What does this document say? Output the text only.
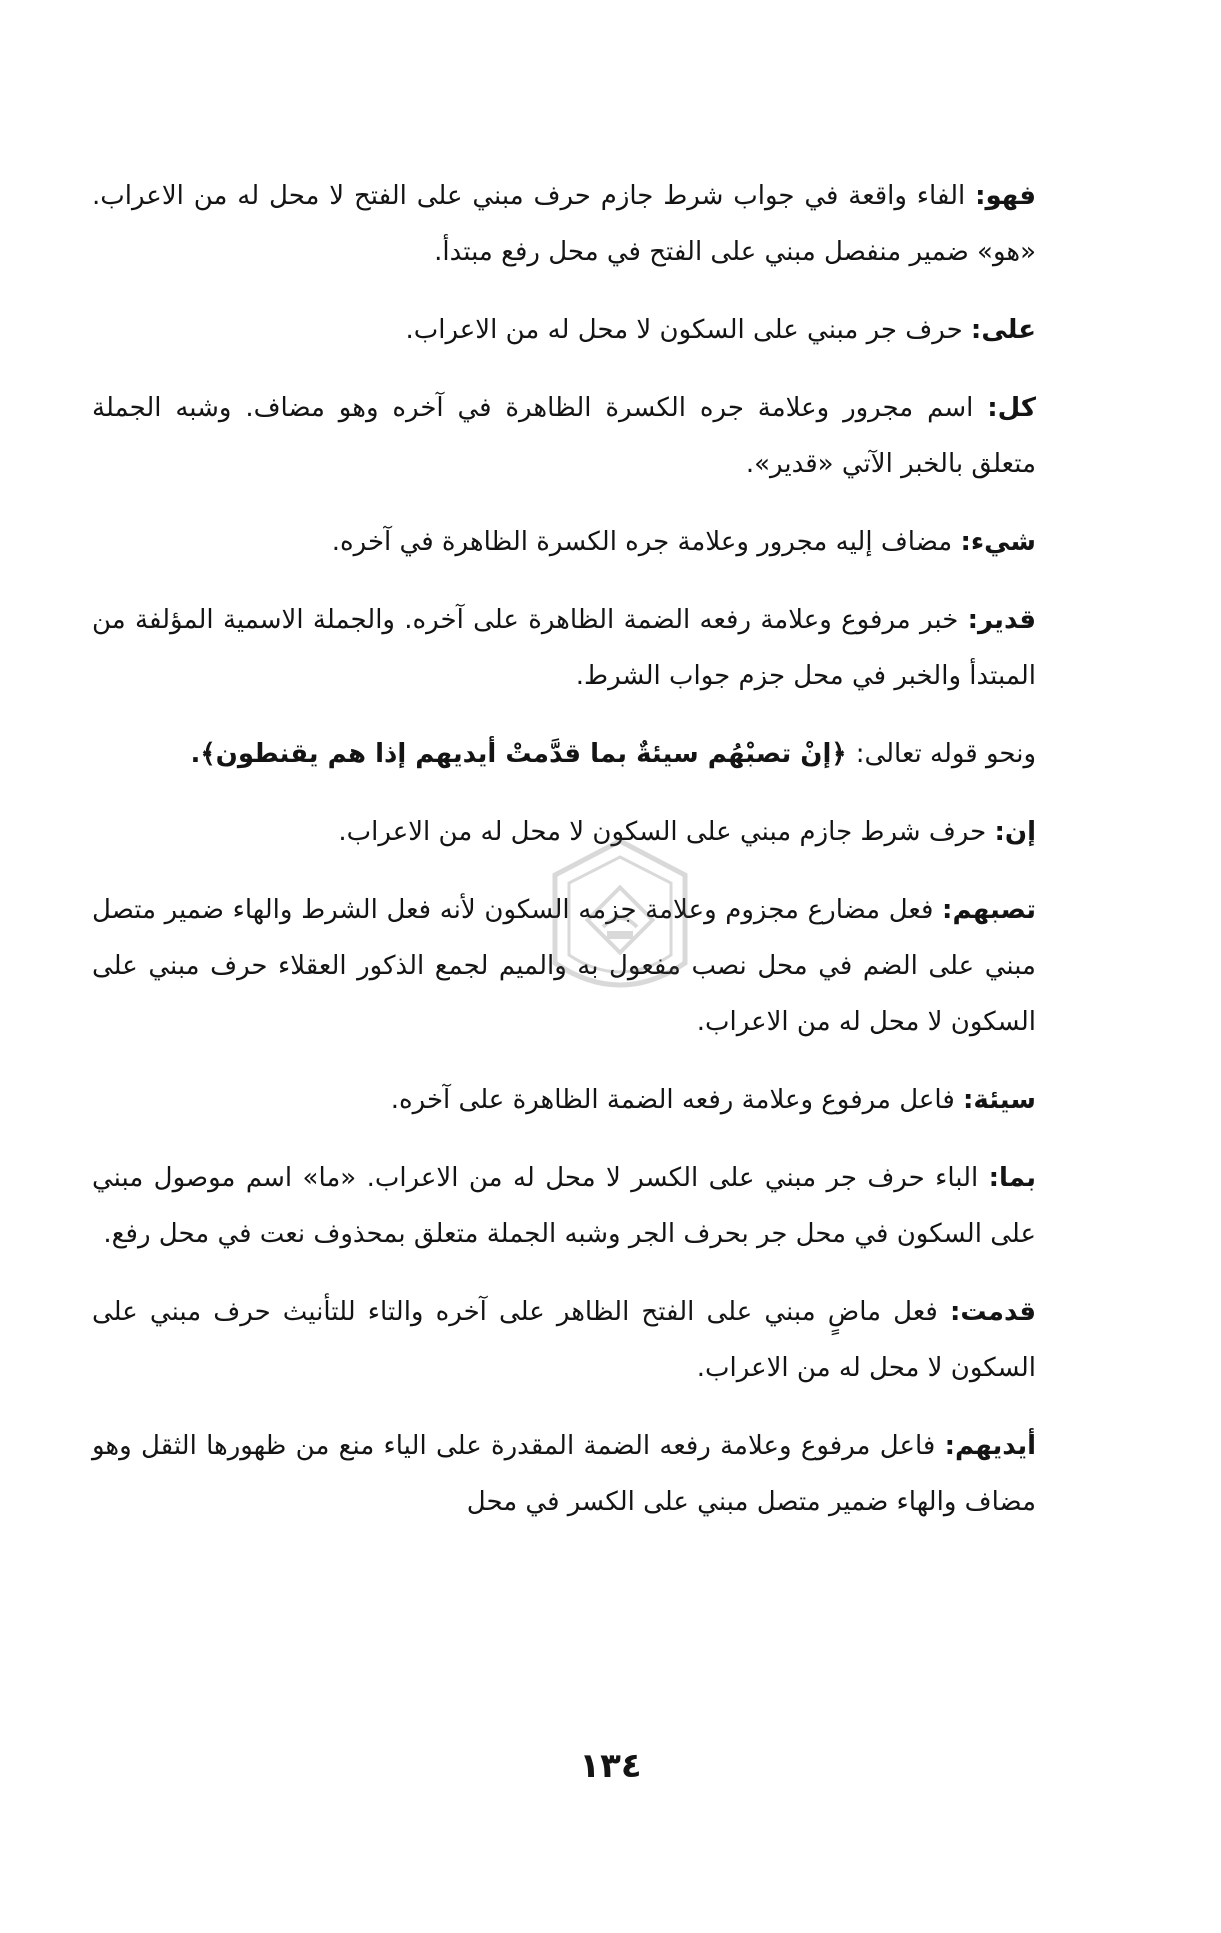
فهو: الفاء واقعة في جواب شرط جازم حرف مبني على الفتح لا محل له من الاعراب. «هو» ضمير منفصل مبني على الفتح في محل رفع مبتدأ.

على: حرف جر مبني على السكون لا محل له من الاعراب.

كل: اسم مجرور وعلامة جره الكسرة الظاهرة في آخره وهو مضاف. وشبه الجملة متعلق بالخبر الآتي «قدير».

شيء: مضاف إليه مجرور وعلامة جره الكسرة الظاهرة في آخره.

قدير: خبر مرفوع وعلامة رفعه الضمة الظاهرة على آخره. والجملة الاسمية المؤلفة من المبتدأ والخبر في محل جزم جواب الشرط.

ونحو قوله تعالى: ﴿إنْ تصبْهُم سيئةٌ بما قدَّمتْ أيديهم إذا هم يقنطون﴾.

إن: حرف شرط جازم مبني على السكون لا محل له من الاعراب.

تصبهم: فعل مضارع مجزوم وعلامة جزمه السكون لأنه فعل الشرط والهاء ضمير متصل مبني على الضم في محل نصب مفعول به والميم لجمع الذكور العقلاء حرف مبني على السكون لا محل له من الاعراب.

سيئة: فاعل مرفوع وعلامة رفعه الضمة الظاهرة على آخره.

بما: الباء حرف جر مبني على الكسر لا محل له من الاعراب. «ما» اسم موصول مبني على السكون في محل جر بحرف الجر وشبه الجملة متعلق بمحذوف نعت في محل رفع.

قدمت: فعل ماضٍ مبني على الفتح الظاهر على آخره والتاء للتأنيث حرف مبني على السكون لا محل له من الاعراب.

أيديهم: فاعل مرفوع وعلامة رفعه الضمة المقدرة على الياء منع من ظهورها الثقل وهو مضاف والهاء ضمير متصل مبني على الكسر في محل

١٣٤
